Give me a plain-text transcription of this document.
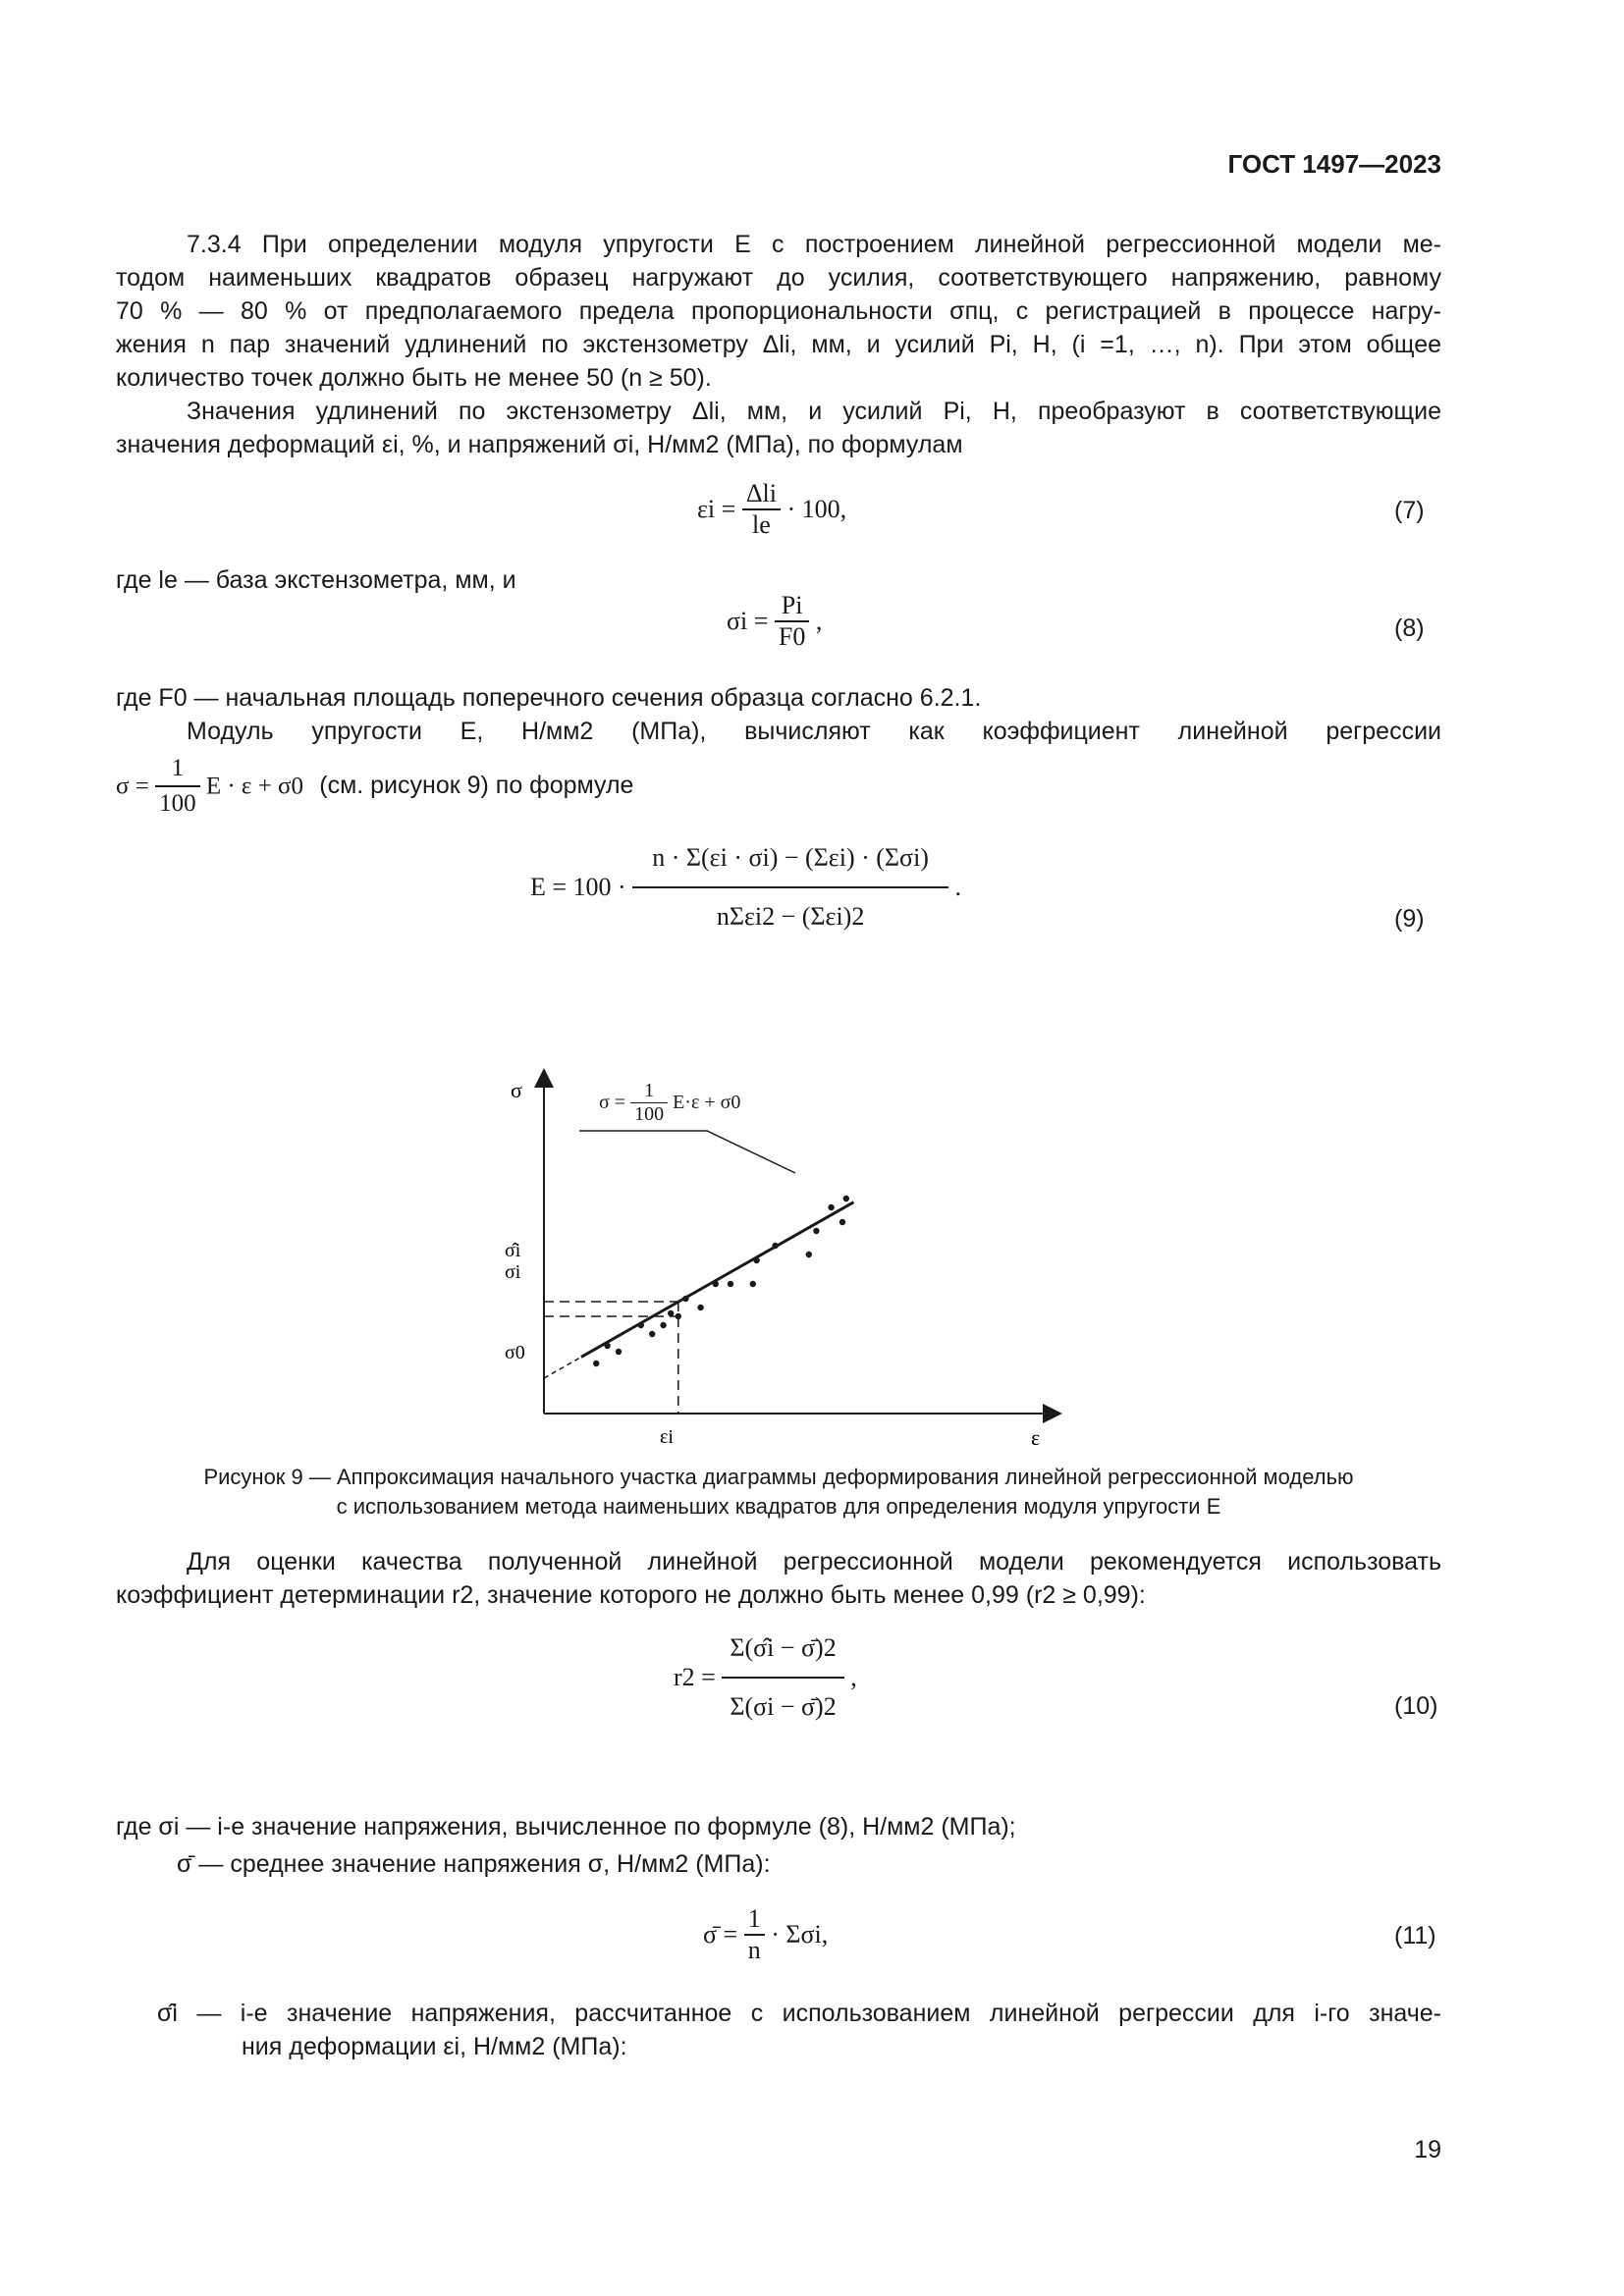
ГОСТ 1497—2023
7.3.4 При определении модуля упругости E с построением линейной регрессионной модели ме-
тодом наименьших квадратов образец нагружают до усилия, соответствующего напряжению, равному
70 % — 80 % от предполагаемого предела пропорциональности σпц, с регистрацией в процессе нагру-
жения n пар значений удлинений по экстензометру Δli, мм, и усилий Pi, Н, (i =1, …, n). При этом общее
количество точек должно быть не менее 50 (n ≥ 50).
Значения удлинений по экстензометру Δli, мм, и усилий Pi, Н, преобразуют в соответствующие
значения деформаций εi, %, и напряжений σi, Н/мм2 (МПа), по формулам
$\varepsilon i = \frac{\text{Δli}}{le} \cdot 100$,	(7)
где le — база экстензометра, мм, и
$\sigma i = \frac{Pi}{F0}$ ,	(8)
где F0 — начальная площадь поперечного сечения образца согласно 6.2.1.
Модуль упругости E, Н/мм2 (МПа), вычисляют как коэффициент линейной регрессии
$\sigma = \frac{1}{100}$ E · ε + σ0 (см. рисунок 9) по формуле
$E = 100 \cdot \frac{\text{n · Σ(εi · σi) − (Σεi) · (Σσi)}}{\text{nΣεi2 − (Σεi)2}}$ .
(9)
σ
ε
σ̂i
σi
σ0
εi
$\sigma = \frac{1}{100} E\cdot\varepsilon + \sigma 0$
Рисунок 9 — Аппроксимация начального участка диаграммы деформирования линейной регрессионной моделью
с использованием метода наименьших квадратов для определения модуля упругости E
Для оценки качества полученной линейной регрессионной модели рекомендуется использовать
коэффициент детерминации r2, значение которого не должно быть менее 0,99 (r2 ≥ 0,99):
$r2 = \frac{\Sigma(\sigmâi - \sigmā)2}{\Sigma(\sigma i - \sigmā)2}$ ,
(10)
где σi — i-е значение напряжения, вычисленное по формуле (8), Н/мм2 (МПа);
σ̄ — среднее значение напряжения σ, Н/мм2 (МПа):
σ̄ = $\frac{1}{n} \cdot \Sigma\sigma i$,	(11)
σ̂i — i-е значение напряжения, рассчитанное с использованием линейной регрессии для i-го значе-
ния деформации εi, Н/мм2 (МПа):
19
